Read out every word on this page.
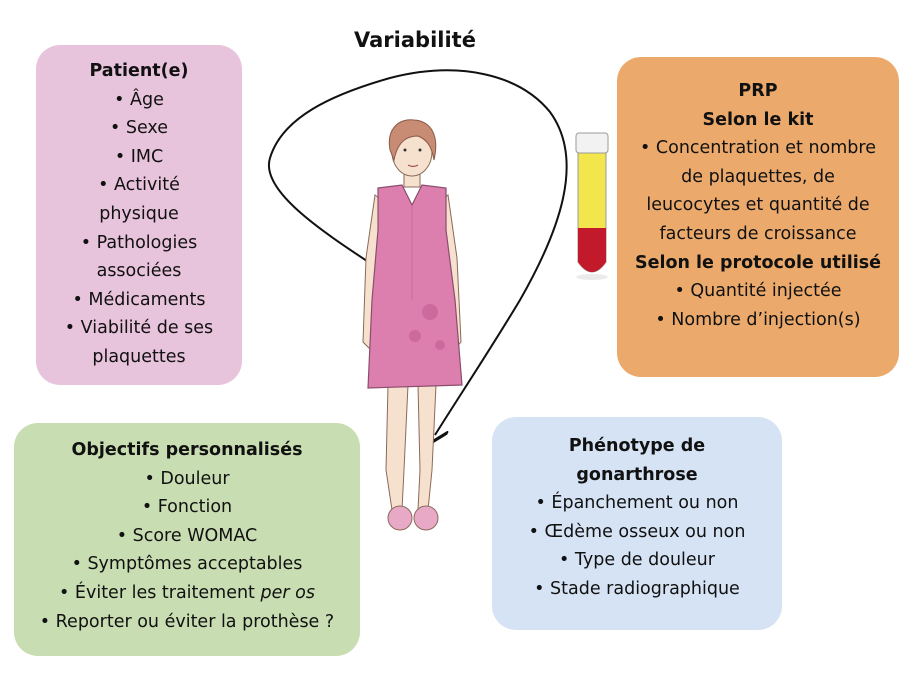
Variabilité
Patient(e)
• Âge
• Sexe
• IMC
• Activité
physique
• Pathologies
associées
• Médicaments
• Viabilité de ses
plaquettes
PRP
Selon le kit
• Concentration et nombre
de plaquettes, de
leucocytes et quantité de
facteurs de croissance
Selon le protocole utilisé
• Quantité injectée
• Nombre d’injection(s)
Objectifs personnalisés
• Douleur
• Fonction
• Score WOMAC
• Symptômes acceptables
• Éviter les traitement per os
• Reporter ou éviter la prothèse ?
Phénotype de
gonarthrose
• Épanchement ou non
• Œdème osseux ou non
• Type de douleur
• Stade radiographique
